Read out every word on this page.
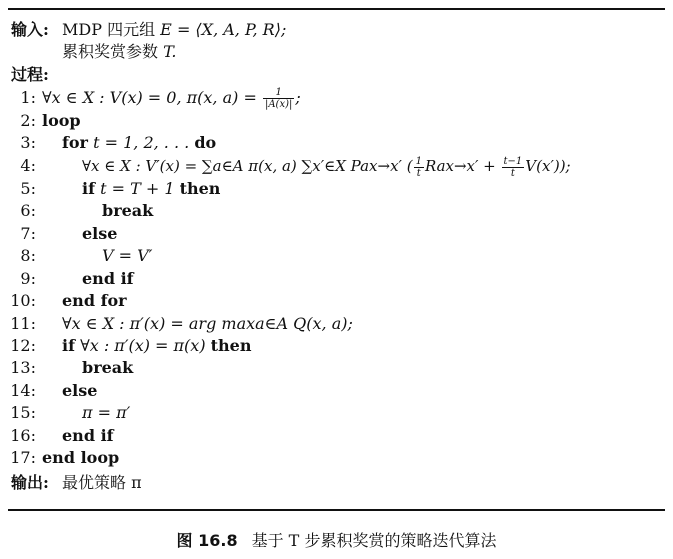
输入: MDP 四元组 E = ⟨X, A, P, R⟩;
累积奖赏参数 T.
过程:
1: ∀x ∈ X : V(x) = 0, π(x, $a) = \frac{1}{|A(x)|}$ ;
2: loop
3: for t = 1, 2, . . . do
4:	∀x ∈ X : V′(x) = ∑a∈A π(x, a) ∑x′∈X Pax→x′ ( $\frac{1}{t} Rax\to x' + \frac{t-1}{t} V(x')$);
5:	if t = T + 1 then
6:	break
7:	else
8:	V = V′
9:	end if
10: end for
11: ∀x ∈ X : π′(x) = arg maxa∈A Q(x, a);
12: if ∀x : π′(x) = π(x) then
13:	break
14: else
15:	π = π′
16: end if
17: end loop
输出: 最优策略 π
图 16.8 基于 T 步累积奖赏的策略迭代算法
